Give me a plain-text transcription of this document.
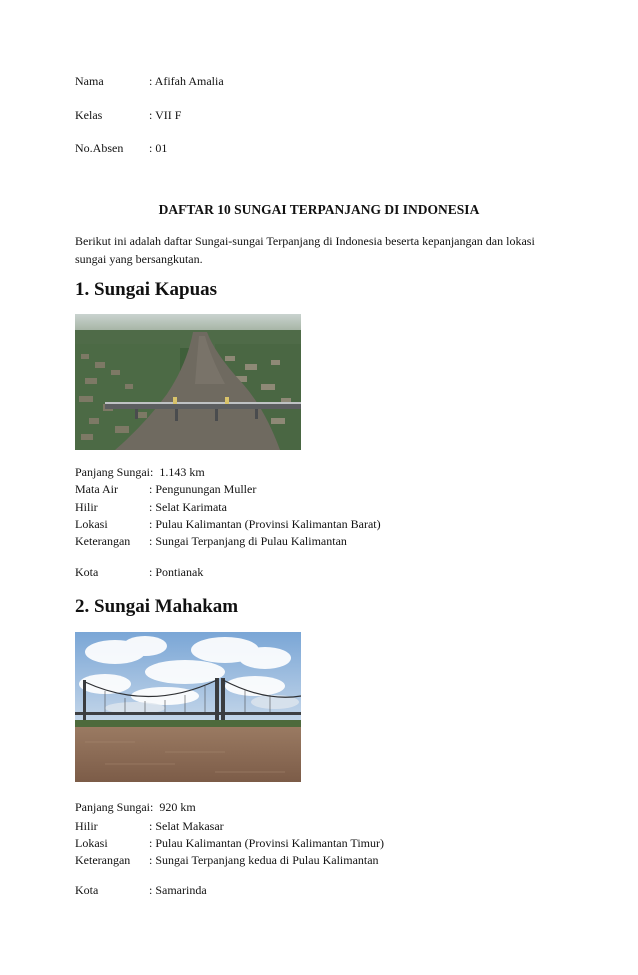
Nama	: Afifah Amalia
Kelas	: VII F
No.Absen : 01
DAFTAR 10 SUNGAI TERPANJANG DI INDONESIA
Berikut ini adalah daftar Sungai-sungai Terpanjang di Indonesia beserta kepanjangan dan lokasi sungai yang bersangkutan.
1. Sungai Kapuas
Panjang Sungai: 1.143 km
Mata Air	: Pengunungan Muller
Hilir	: Selat Karimata
Lokasi	: Pulau Kalimantan (Provinsi Kalimantan Barat)
Keterangan : Sungai Terpanjang di Pulau Kalimantan
Kota	: Pontianak
2. Sungai Mahakam
Panjang Sungai: 920 km
Hilir	: Selat Makasar
Lokasi	: Pulau Kalimantan (Provinsi Kalimantan Timur)
Keterangan : Sungai Terpanjang kedua di Pulau Kalimantan
Kota	: Samarinda
